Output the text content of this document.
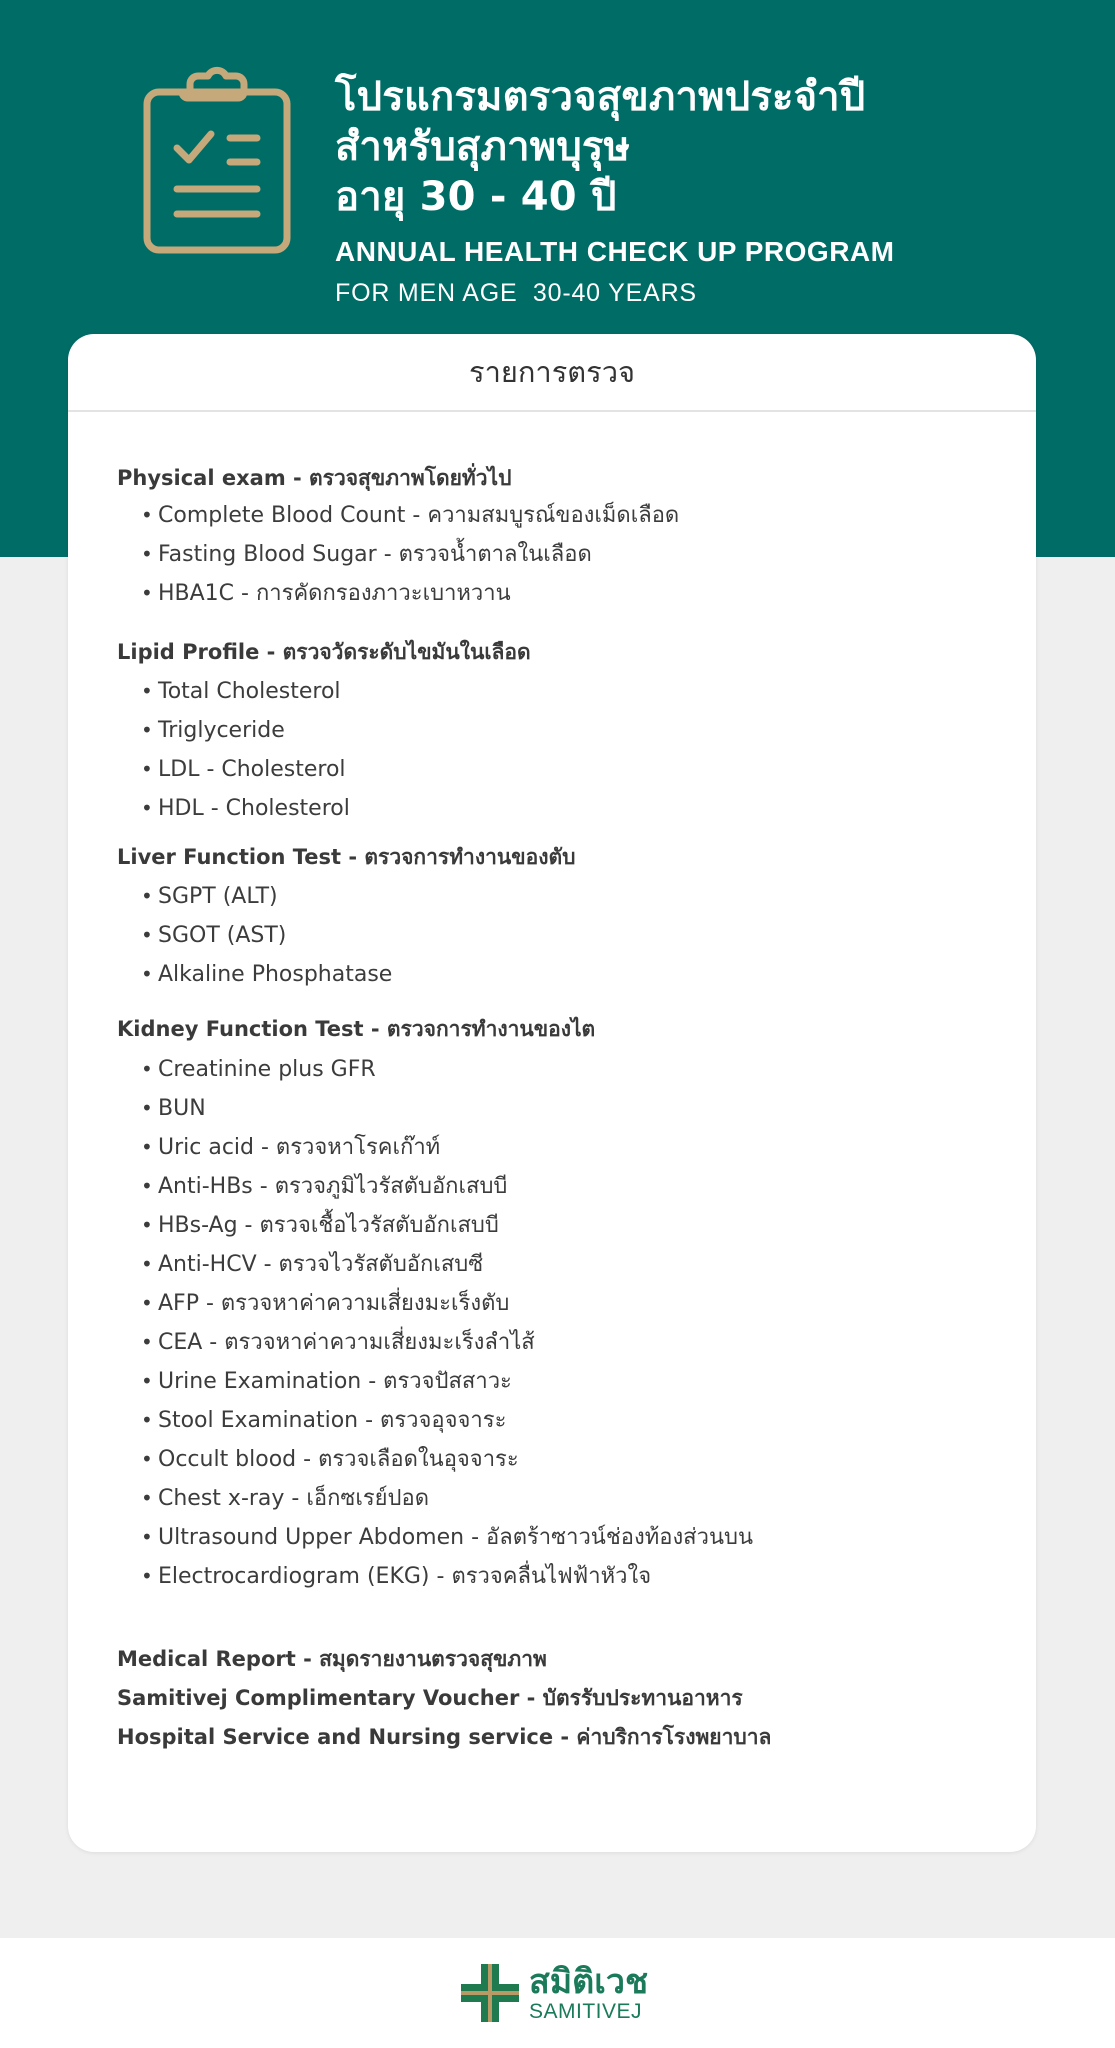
โปรแกรมตรวจสุขภาพประจำปี
สำหรับสุภาพบุรุษ
อายุ 30 - 40 ปี
ANNUAL HEALTH CHECK UP PROGRAM
FOR MEN AGE  30-40 YEARS
รายการตรวจ
Physical exam - ตรวจสุขภาพโดยทั่วไป
• Complete Blood Count - ความสมบูรณ์ของเม็ดเลือด
• Fasting Blood Sugar - ตรวจน้ำตาลในเลือด
• HBA1C - การคัดกรองภาวะเบาหวาน
Lipid Profile - ตรวจวัดระดับไขมันในเลือด
• Total Cholesterol
• Triglyceride
• LDL - Cholesterol
• HDL - Cholesterol
Liver Function Test - ตรวจการทำงานของตับ
• SGPT (ALT)
• SGOT (AST)
• Alkaline Phosphatase
Kidney Function Test - ตรวจการทำงานของไต
• Creatinine plus GFR
• BUN
• Uric acid - ตรวจหาโรคเก๊าท์
• Anti-HBs - ตรวจภูมิไวรัสตับอักเสบบี
• HBs-Ag - ตรวจเชื้อไวรัสตับอักเสบบี
• Anti-HCV - ตรวจไวรัสตับอักเสบซี
• AFP - ตรวจหาค่าความเสี่ยงมะเร็งตับ
• CEA - ตรวจหาค่าความเสี่ยงมะเร็งลำไส้
• Urine Examination - ตรวจปัสสาวะ
• Stool Examination - ตรวจอุจจาระ
• Occult blood - ตรวจเลือดในอุจจาระ
• Chest x-ray - เอ็กซเรย์ปอด
• Ultrasound Upper Abdomen - อัลตร้าซาวน์ช่องท้องส่วนบน
• Electrocardiogram (EKG) - ตรวจคลื่นไฟฟ้าหัวใจ
Medical Report - สมุดรายงานตรวจสุขภาพ
Samitivej Complimentary Voucher - บัตรรับประทานอาหาร
Hospital Service and Nursing service - ค่าบริการโรงพยาบาล
สมิติเวช
SAMITIVEJ
